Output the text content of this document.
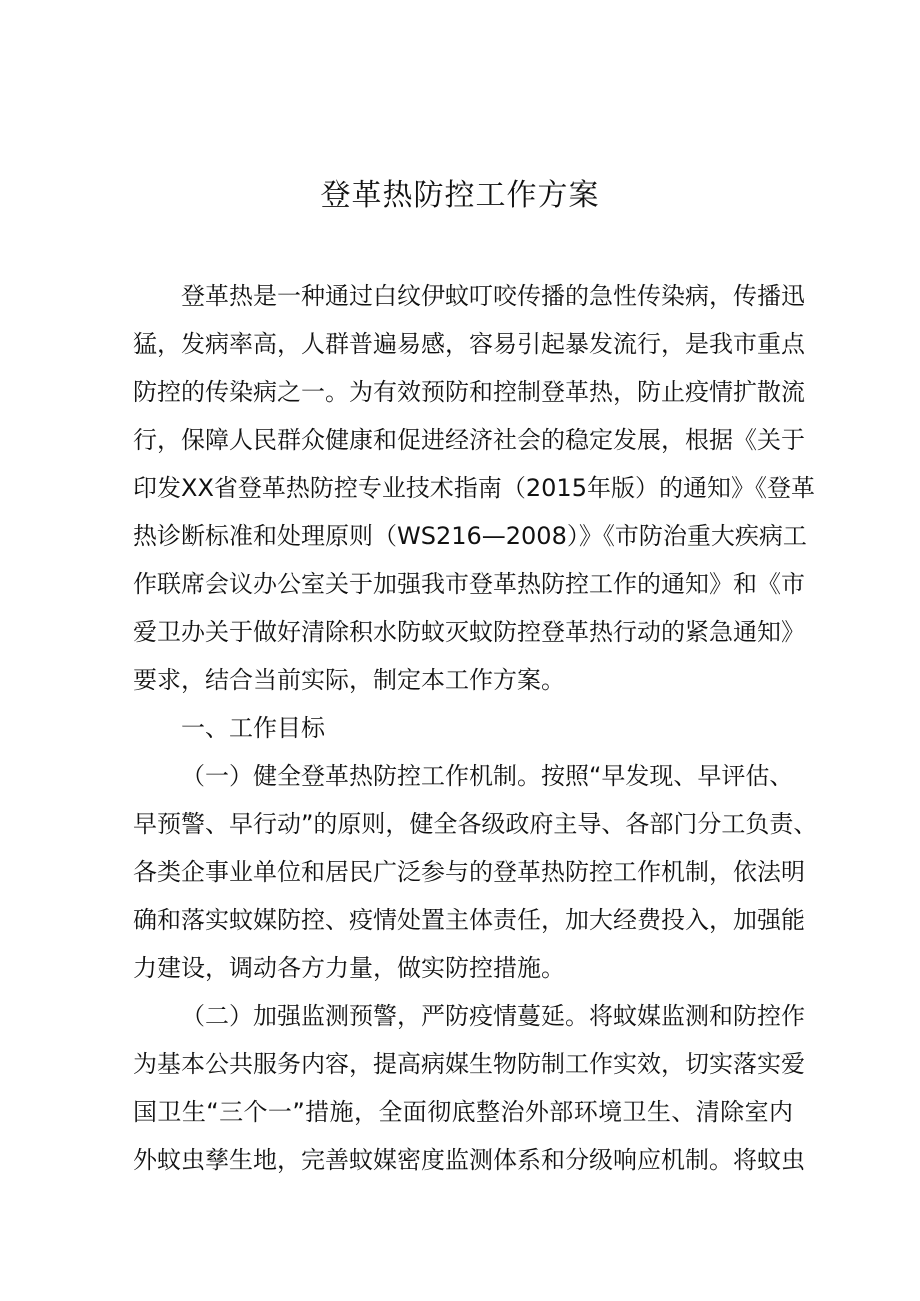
登革热防控工作方案

登革热是一种通过白纹伊蚊叮咬传播的急性传染病，传播迅

猛，发病率高，人群普遍易感，容易引起暴发流行，是我市重点

防控的传染病之一。为有效预防和控制登革热，防止疫情扩散流

行，保障人民群众健康和促进经济社会的稳定发展，根据《关于

印发XX省登革热防控专业技术指南（2015年版）的通知》《登革

热诊断标准和处理原则（WS216—2008）》《市防治重大疾病工

作联席会议办公室关于加强我市登革热防控工作的通知》和《市

爱卫办关于做好清除积水防蚊灭蚊防控登革热行动的紧急通知》

要求，结合当前实际，制定本工作方案。

一、工作目标

（一）健全登革热防控工作机制。按照“早发现、早评估、

早预警、早行动”的原则，健全各级政府主导、各部门分工负责、

各类企事业单位和居民广泛参与的登革热防控工作机制，依法明

确和落实蚊媒防控、疫情处置主体责任，加大经费投入，加强能

力建设，调动各方力量，做实防控措施。

（二）加强监测预警，严防疫情蔓延。将蚊媒监测和防控作

为基本公共服务内容，提高病媒生物防制工作实效，切实落实爱

国卫生“三个一”措施，全面彻底整治外部环境卫生、清除室内

外蚊虫孳生地，完善蚊媒密度监测体系和分级响应机制。将蚊虫
